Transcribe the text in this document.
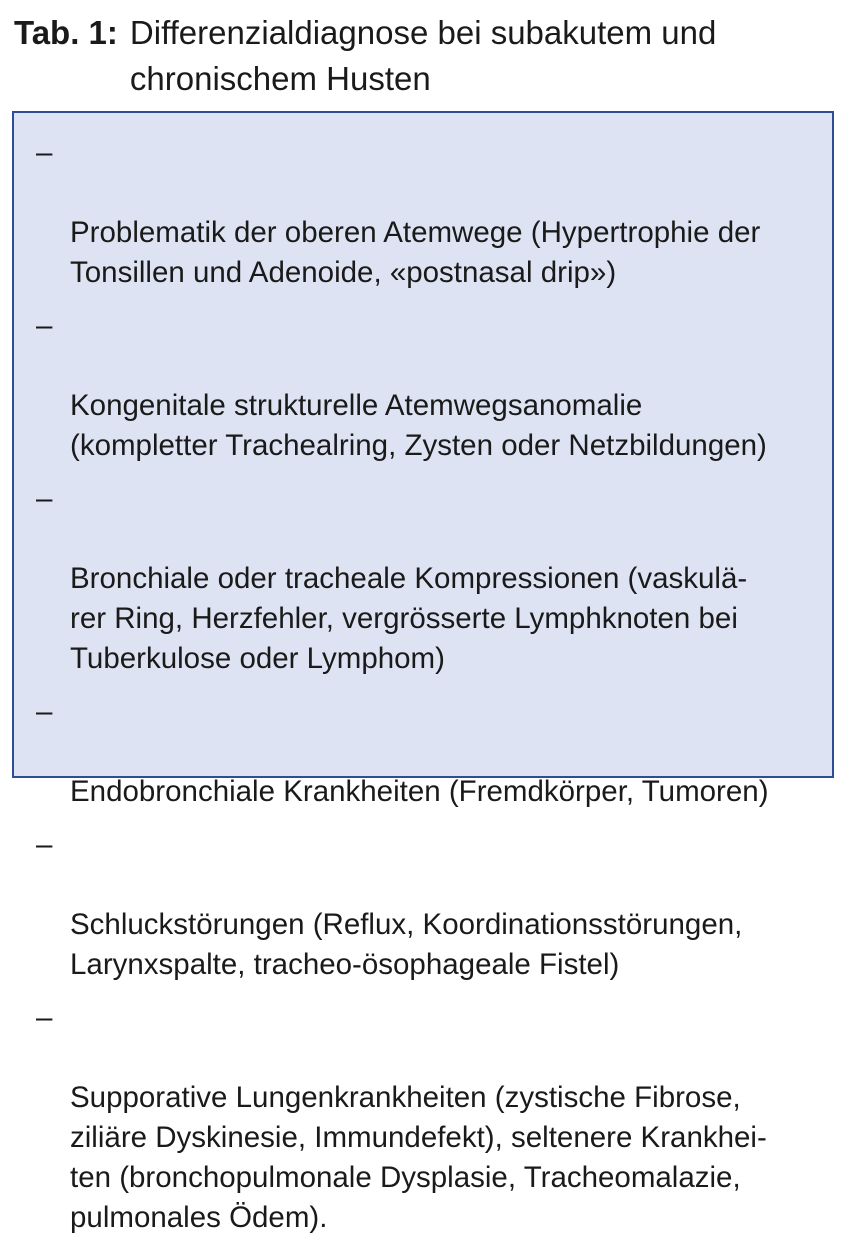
Tab. 1: Differenzialdiagnose bei subakutem und
chronischem Husten

–

Problematik der oberen Atemwege (Hypertrophie der
Tonsillen und Adenoide, «postnasal drip»)

–

Kongenitale strukturelle Atemwegsanomalie
(kompletter Trachealring, Zysten oder Netzbildungen)

–

Bronchiale oder tracheale Kompressionen (vaskulä-
rer Ring, Herzfehler, vergrösserte Lymphknoten bei
Tuberkulose oder Lymphom)

–

Endobronchiale Krankheiten (Fremdkörper, Tumoren)

–

Schluckstörungen (Reflux, Koordinationsstörungen,
Larynxspalte, tracheo-ösophageale Fistel)

–

Supporative Lungenkrankheiten (zystische Fibrose,
ziliäre Dyskinesie, Immundefekt), seltenere Krankhei-
ten (bronchopulmonale Dysplasie, Tracheomalazie,
pulmonales Ödem).
